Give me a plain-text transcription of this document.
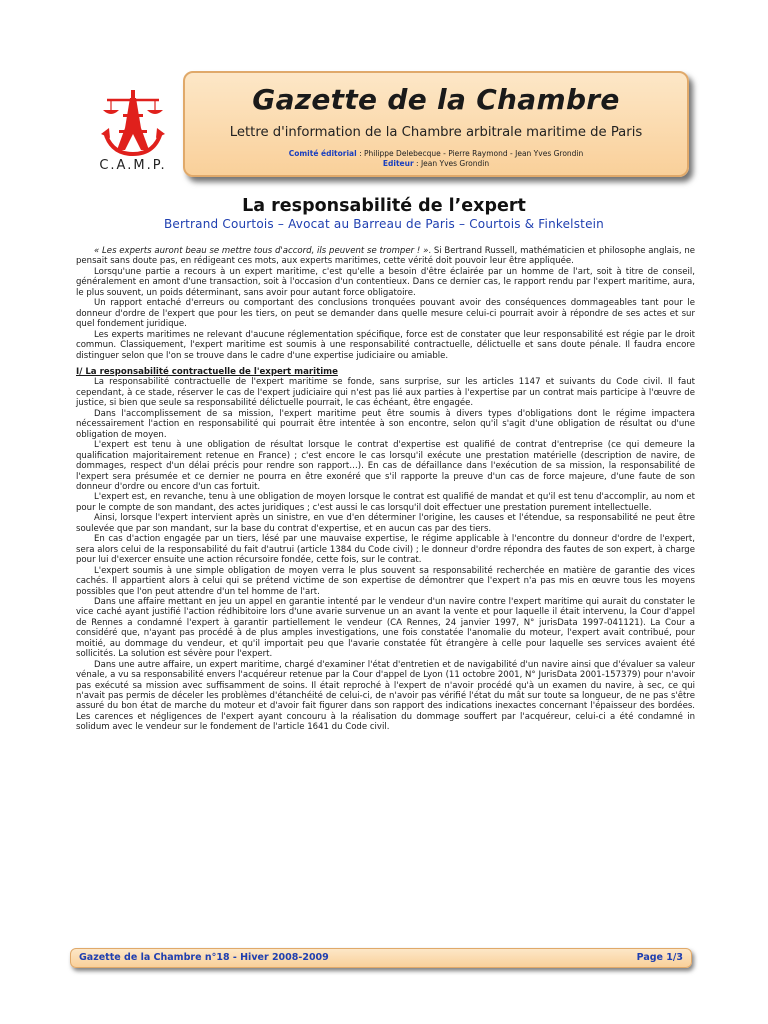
C.A.M.P.
Gazette de la Chambre
Lettre d'information de la Chambre arbitrale maritime de Paris
Comité éditorial : Philippe Delebecque - Pierre Raymond - Jean Yves Grondin
Editeur : Jean Yves Grondin
La responsabilité de l’expert
Bertrand Courtois – Avocat au Barreau de Paris – Courtois & Finkelstein

« Les experts auront beau se mettre tous d'accord, ils peuvent se tromper ! ». Si Bertrand Russell, mathématicien et philosophe anglais, ne pensait sans doute pas, en rédigeant ces mots, aux experts maritimes, cette vérité doit pouvoir leur être appliquée.

Lorsqu'une partie a recours à un expert maritime, c'est qu'elle a besoin d'être éclairée par un homme de l'art, soit à titre de conseil, généralement en amont d'une transaction, soit à l'occasion d'un contentieux. Dans ce dernier cas, le rapport rendu par l'expert maritime, aura, le plus souvent, un poids déterminant, sans avoir pour autant force obligatoire.

Un rapport entaché d'erreurs ou comportant des conclusions tronquées pouvant avoir des conséquences dommageables tant pour le donneur d'ordre de l'expert que pour les tiers, on peut se demander dans quelle mesure celui-ci pourrait avoir à répondre de ses actes et sur quel fondement juridique.

Les experts maritimes ne relevant d'aucune réglementation spécifique, force est de constater que leur responsabilité est régie par le droit commun. Classiquement, l'expert maritime est soumis à une responsabilité contractuelle, délictuelle et sans doute pénale. Il faudra encore distinguer selon que l'on se trouve dans le cadre d'une expertise judiciaire ou amiable.

I/ La responsabilité contractuelle de l'expert maritime

La responsabilité contractuelle de l'expert maritime se fonde, sans surprise, sur les articles 1147 et suivants du Code civil. Il faut cependant, à ce stade, réserver le cas de l'expert judiciaire qui n'est pas lié aux parties à l'expertise par un contrat mais participe à l'œuvre de justice, si bien que seule sa responsabilité délictuelle pourrait, le cas échéant, être engagée.

Dans l'accomplissement de sa mission, l'expert maritime peut être soumis à divers types d'obligations dont le régime impactera nécessairement l'action en responsabilité qui pourrait être intentée à son encontre, selon qu'il s'agit d'une obligation de résultat ou d'une obligation de moyen.

L'expert est tenu à une obligation de résultat lorsque le contrat d'expertise est qualifié de contrat d'entreprise (ce qui demeure la qualification majoritairement retenue en France) ; c'est encore le cas lorsqu'il exécute une prestation matérielle (description de navire, de dommages, respect d'un délai précis pour rendre son rapport…). En cas de défaillance dans l'exécution de sa mission, la responsabilité de l'expert sera présumée et ce dernier ne pourra en être exonéré que s'il rapporte la preuve d'un cas de force majeure, d'une faute de son donneur d'ordre ou encore d'un cas fortuit.

L'expert est, en revanche, tenu à une obligation de moyen lorsque le contrat est qualifié de mandat et qu'il est tenu d'accomplir, au nom et pour le compte de son mandant, des actes juridiques ; c'est aussi le cas lorsqu'il doit effectuer une prestation purement intellectuelle.

Ainsi, lorsque l'expert intervient après un sinistre, en vue d'en déterminer l'origine, les causes et l'étendue, sa responsabilité ne peut être soulevée que par son mandant, sur la base du contrat d'expertise, et en aucun cas par des tiers.

En cas d'action engagée par un tiers, lésé par une mauvaise expertise, le régime applicable à l'encontre du donneur d'ordre de l'expert, sera alors celui de la responsabilité du fait d'autrui (article 1384 du Code civil) ; le donneur d'ordre répondra des fautes de son expert, à charge pour lui d'exercer ensuite une action récursoire fondée, cette fois, sur le contrat.

L'expert soumis à une simple obligation de moyen verra le plus souvent sa responsabilité recherchée en matière de garantie des vices cachés. Il appartient alors à celui qui se prétend victime de son expertise de démontrer que l'expert n'a pas mis en œuvre tous les moyens possibles que l'on peut attendre d'un tel homme de l'art.

Dans une affaire mettant en jeu un appel en garantie intenté par le vendeur d'un navire contre l'expert maritime qui aurait du constater le vice caché ayant justifié l'action rédhibitoire lors d'une avarie survenue un an avant la vente et pour laquelle il était intervenu, la Cour d'appel de Rennes a condamné l'expert à garantir partiellement le vendeur (CA Rennes, 24 janvier 1997, N° jurisData 1997-041121). La Cour a considéré que, n'ayant pas procédé à de plus amples investigations, une fois constatée l'anomalie du moteur, l'expert avait contribué, pour moitié, au dommage du vendeur, et qu'il importait peu que l'avarie constatée fût étrangère à celle pour laquelle ses services avaient été sollicités. La solution est sévère pour l'expert.

Dans une autre affaire, un expert maritime, chargé d'examiner l'état d'entretien et de navigabilité d'un navire ainsi que d'évaluer sa valeur vénale, a vu sa responsabilité envers l'acquéreur retenue par la Cour d'appel de Lyon (11 octobre 2001, N° JurisData 2001-157379) pour n'avoir pas exécuté sa mission avec suffisamment de soins. Il était reproché à l'expert de n'avoir procédé qu'à un examen du navire, à sec, ce qui n'avait pas permis de déceler les problèmes d'étanchéité de celui-ci, de n'avoir pas vérifié l'état du mât sur toute sa longueur, de ne pas s'être assuré du bon état de marche du moteur et d'avoir fait figurer dans son rapport des indications inexactes concernant l'épaisseur des bordées. Les carences et négligences de l'expert ayant concouru à la réalisation du dommage souffert par l'acquéreur, celui-ci a été condamné in solidum avec le vendeur sur le fondement de l'article 1641 du Code civil.

Gazette de la Chambre n°18 - Hiver 2008-2009	Page 1/3
